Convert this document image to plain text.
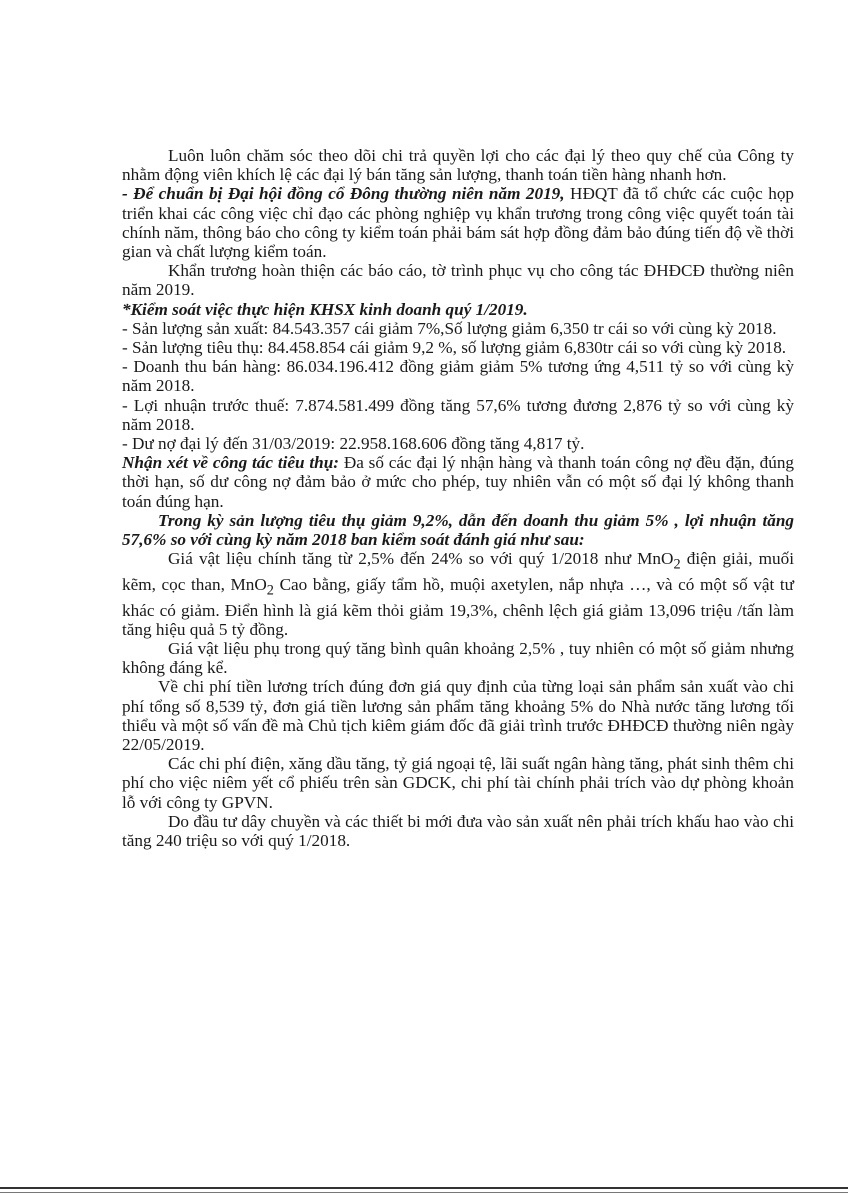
Luôn luôn chăm sóc theo dõi chi trả quyền lợi cho các đại lý theo quy chế của Công ty nhằm động viên khích lệ các đại lý bán tăng sản lượng, thanh toán tiền hàng nhanh hơn.

- Để chuẩn bị Đại hội đồng cổ Đông thường niên năm 2019, HĐQT đã tổ chức các cuộc họp triển khai các công việc chỉ đạo các phòng nghiệp vụ khẩn trương trong công việc quyết toán tài chính năm, thông báo cho công ty kiểm toán phải bám sát hợp đồng đảm bảo đúng tiến độ về thời gian và chất lượng kiểm toán.

Khẩn trương hoàn thiện các báo cáo, tờ trình phục vụ cho công tác ĐHĐCĐ thường niên năm 2019.

*Kiểm soát việc thực hiện KHSX kinh doanh quý 1/2019.

- Sản lượng sản xuất: 84.543.357 cái giảm 7%,Số lượng giảm 6,350 tr cái so với cùng kỳ 2018.

- Sản lượng tiêu thụ: 84.458.854 cái giảm 9,2 %, số lượng giảm 6,830tr cái so với cùng kỳ 2018.

- Doanh thu bán hàng: 86.034.196.412 đồng giảm giảm 5% tương ứng 4,511 tỷ so với cùng kỳ năm 2018.

- Lợi nhuận trước thuế: 7.874.581.499 đồng tăng 57,6% tương đương 2,876 tỷ so với cùng kỳ năm 2018.

- Dư nợ đại lý đến 31/03/2019: 22.958.168.606 đồng tăng 4,817 tỷ.

Nhận xét về công tác tiêu thụ: Đa số các đại lý nhận hàng và thanh toán công nợ đều đặn, đúng thời hạn, số dư công nợ đảm bảo ở mức cho phép, tuy nhiên vẫn có một số đại lý không thanh toán đúng hạn.

Trong kỳ sản lượng tiêu thụ giảm 9,2%, dẫn đến doanh thu giảm 5% , lợi nhuận tăng 57,6% so với cùng kỳ năm 2018 ban kiểm soát đánh giá như sau:

Giá vật liệu chính tăng từ 2,5% đến 24% so với quý 1/2018 như MnO$_2$ điện giải, muối kẽm, cọc than, MnO$_2$ Cao bằng, giấy tẩm hồ, muội axetylen, nắp nhựa …, và có một số vật tư khác có giảm. Điển hình là giá kẽm thỏi giảm 19,3%, chênh lệch giá giảm 13,096 triệu /tấn làm tăng hiệu quả 5 tỷ đồng.

Giá vật liệu phụ trong quý tăng bình quân khoảng 2,5% , tuy nhiên có một số giảm nhưng không đáng kể.

Về chi phí tiền lương trích đúng đơn giá quy định của từng loại sản phẩm sản xuất vào chi phí tổng số 8,539 tỷ, đơn giá tiền lương sản phẩm tăng khoảng 5% do Nhà nước tăng lương tối thiểu và một số vấn đề mà Chủ tịch kiêm giám đốc đã giải trình trước ĐHĐCĐ thường niên ngày 22/05/2019.

Các chi phí điện, xăng dầu tăng, tỷ giá ngoại tệ, lãi suất ngân hàng tăng, phát sinh thêm chi phí cho việc niêm yết cổ phiếu trên sàn GDCK, chi phí tài chính phải trích vào dự phòng khoản lỗ với công ty GPVN.

Do đầu tư dây chuyền và các thiết bi mới đưa vào sản xuất nên phải trích khấu hao vào chi tăng 240 triệu so với quý 1/2018.
